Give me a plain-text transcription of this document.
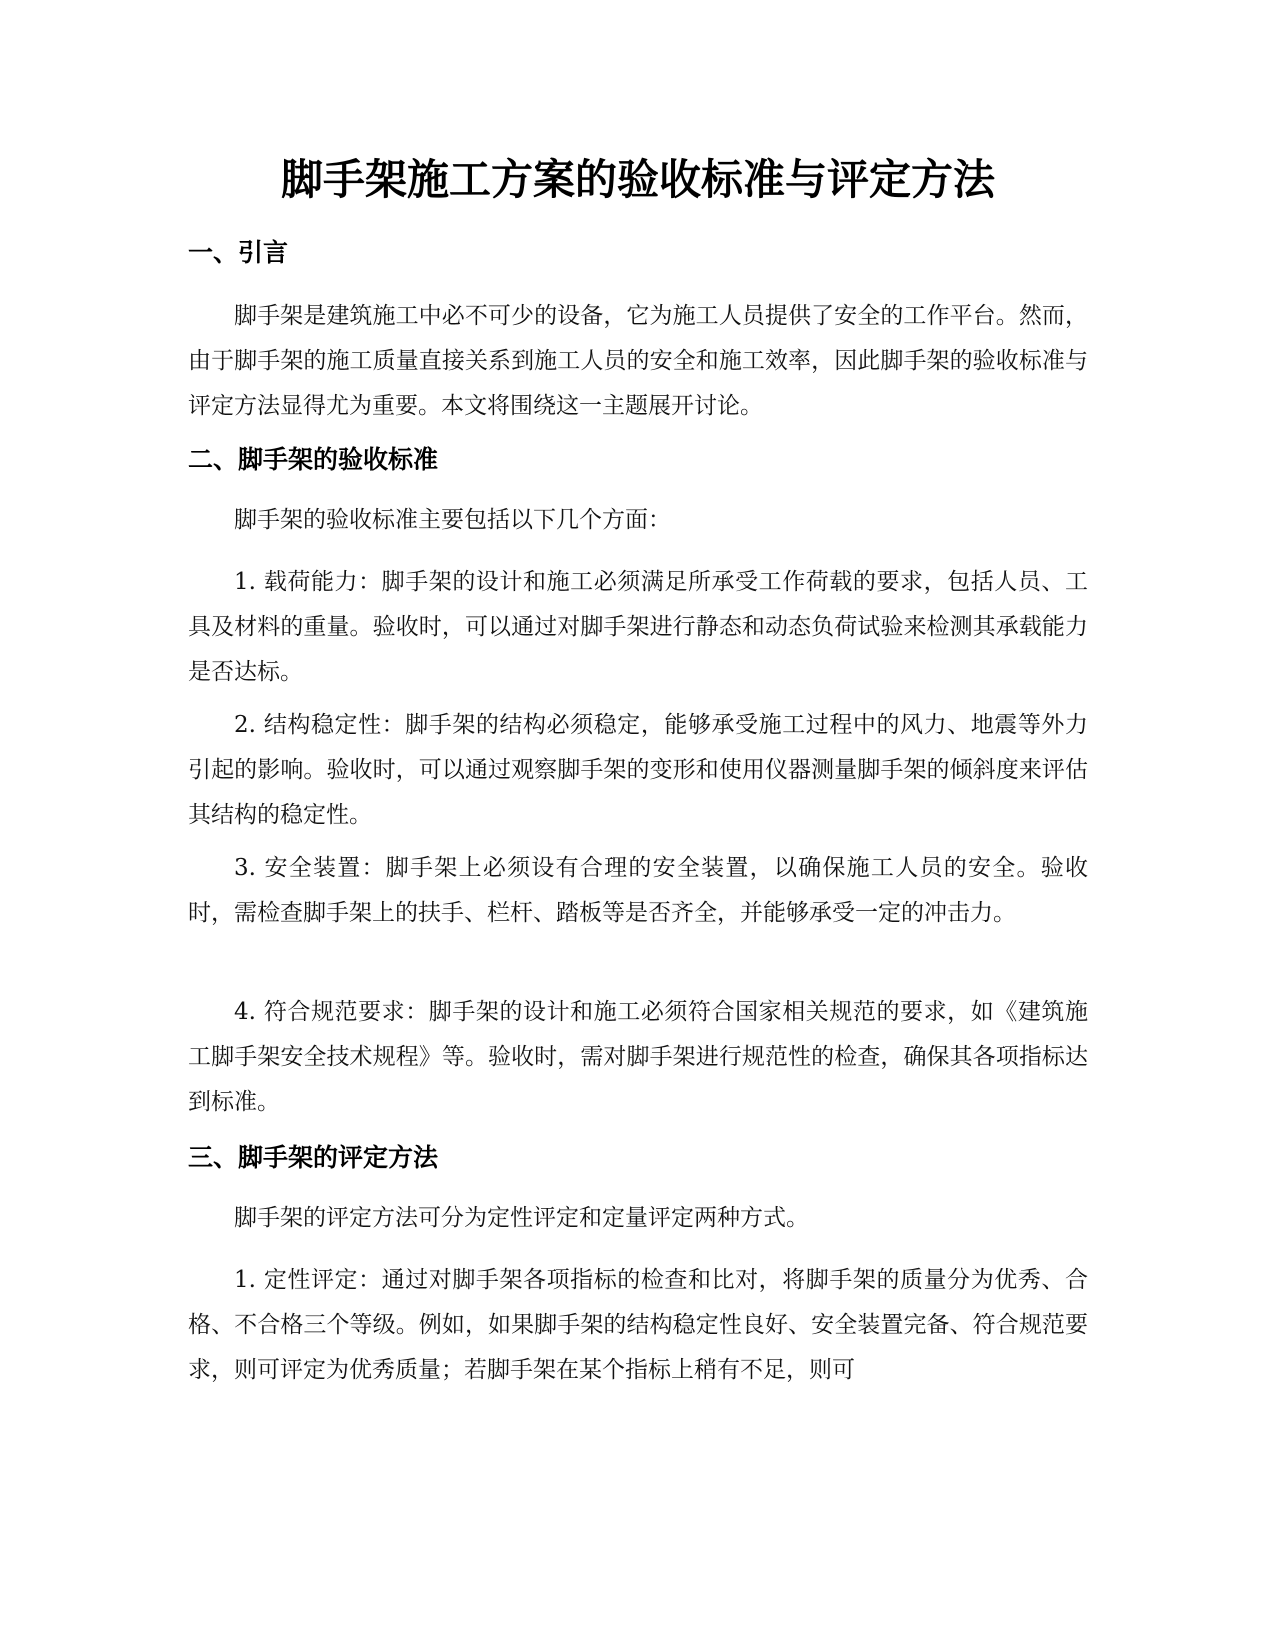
脚手架施工方案的验收标准与评定方法
一、引言

脚手架是建筑施工中必不可少的设备，它为施工人员提供了安全的工作平台。然而，由于脚手架的施工质量直接关系到施工人员的安全和施工效率，因此脚手架的验收标准与评定方法显得尤为重要。本文将围绕这一主题展开讨论。

二、脚手架的验收标准

脚手架的验收标准主要包括以下几个方面：

1. 载荷能力：脚手架的设计和施工必须满足所承受工作荷载的要求，包括人员、工具及材料的重量。验收时，可以通过对脚手架进行静态和动态负荷试验来检测其承载能力是否达标。

2. 结构稳定性：脚手架的结构必须稳定，能够承受施工过程中的风力、地震等外力引起的影响。验收时，可以通过观察脚手架的变形和使用仪器测量脚手架的倾斜度来评估其结构的稳定性。

3. 安全装置：脚手架上必须设有合理的安全装置，以确保施工人员的安全。验收时，需检查脚手架上的扶手、栏杆、踏板等是否齐全，并能够承受一定的冲击力。

4. 符合规范要求：脚手架的设计和施工必须符合国家相关规范的要求，如《建筑施工脚手架安全技术规程》等。验收时，需对脚手架进行规范性的检查，确保其各项指标达到标准。

三、脚手架的评定方法

脚手架的评定方法可分为定性评定和定量评定两种方式。

1. 定性评定：通过对脚手架各项指标的检查和比对，将脚手架的质量分为优秀、合格、不合格三个等级。例如，如果脚手架的结构稳定性良好、安全装置完备、符合规范要求，则可评定为优秀质量；若脚手架在某个指标上稍有不足，则可
